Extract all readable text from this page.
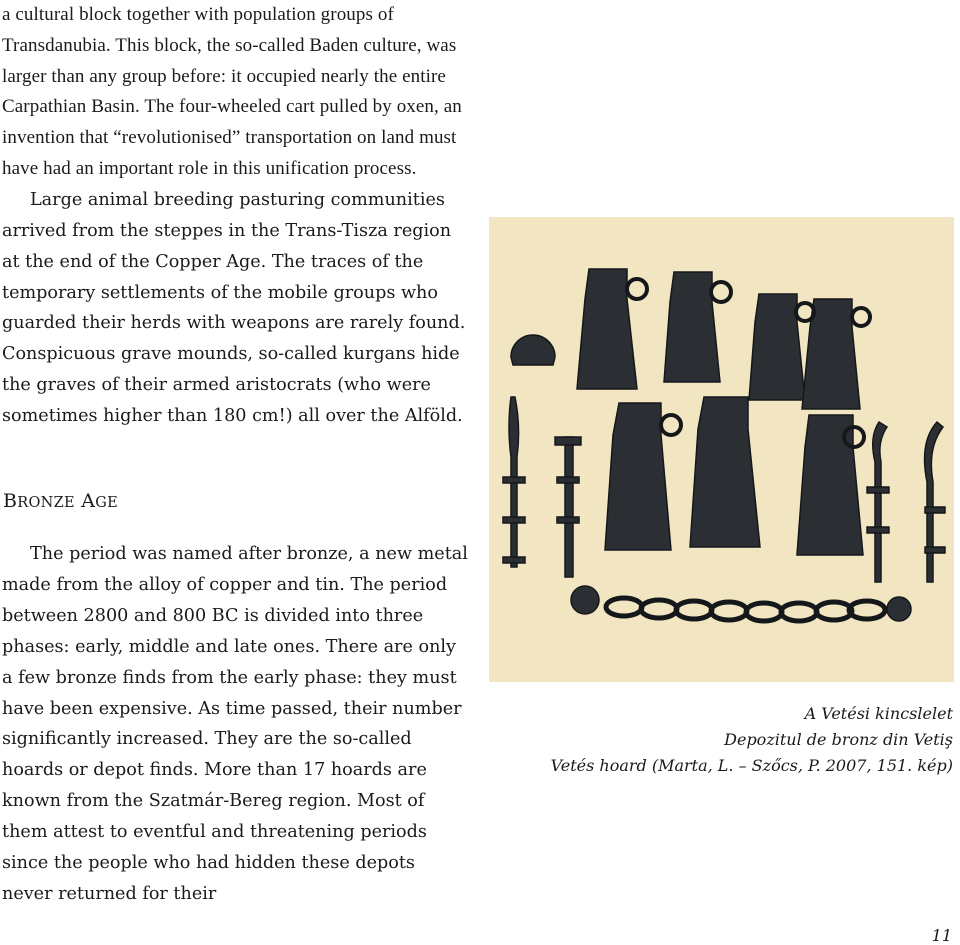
a cultural block together with population groups of Transdanubia. This block, the so-called Baden culture, was larger than any group before: it occupied nearly the entire Carpathian Basin. The four-wheeled cart pulled by oxen, an invention that “revolutionised” transportation on land must have had an important role in this unification process.

Large animal breeding pasturing communities arrived from the steppes in the Trans-Tisza region at the end of the Copper Age. The traces of the temporary settlements of the mobile groups who guarded their herds with weapons are rarely found. Conspicuous grave mounds, so-called kurgans hide the graves of their armed aristocrats (who were sometimes higher than 180 cm!) all over the Alföld.

BRONZE AGE

The period was named after bronze, a new metal made from the alloy of copper and tin. The period between 2800 and 800 BC is divided into three phases: early, middle and late ones. There are only a few bronze finds from the early phase: they must have been expensive. As time passed, their number significantly increased. They are the so-called hoards or depot finds. More than 17 hoards are known from the Szatmár-Bereg region. Most of them attest to eventful and threatening periods since the people who had hidden these depots never returned for their

A Vetési kincslelet
Depozitul de bronz din Vetiş
Vetés hoard (Marta, L. – Szőcs, P. 2007, 151. kép)
11
